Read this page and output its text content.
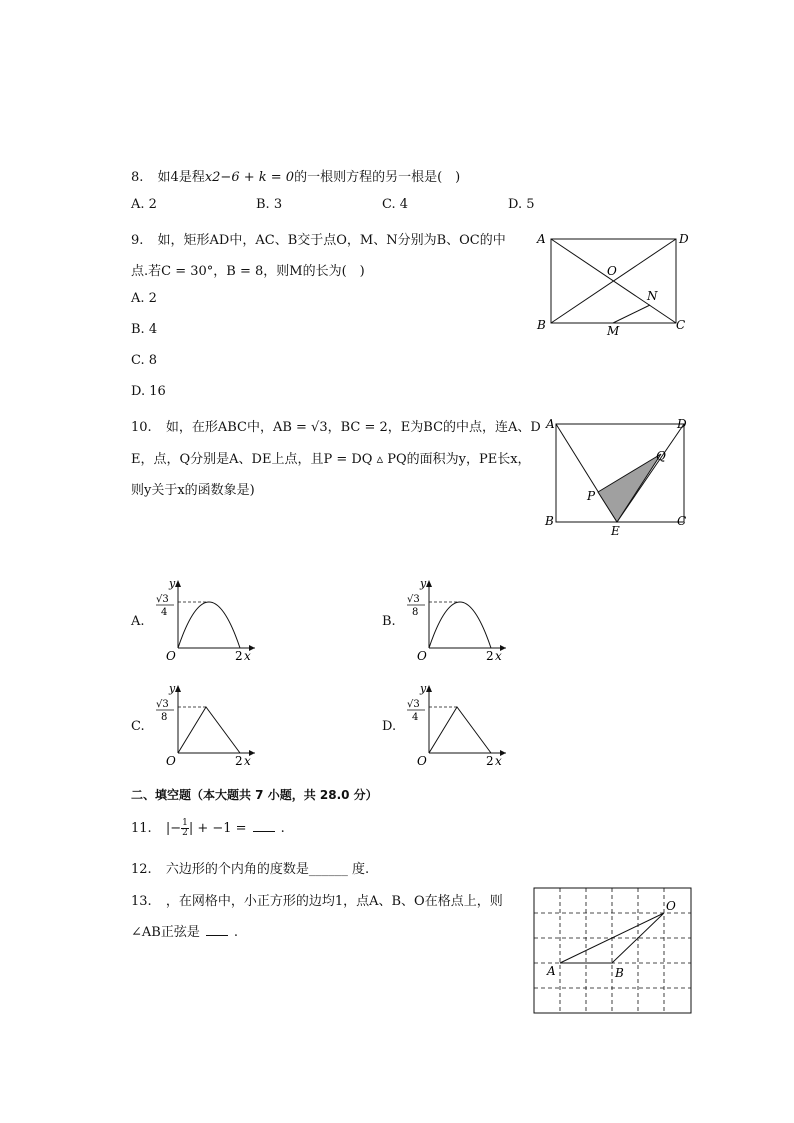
8. 如4是程x2−6 + k = 0的一根则方程的另一根是(　)
A. 2	B. 3	C. 4	D. 5
9. 如，矩形AD中，AC、B交于点O，M、N分别为B、OC的中
点.若C = 30°，B = 8，则M的长为(　)
A. 2
B. 4
C. 8
D. 16
A	D
O
N
B	M	C
10. 如，在形ABC中，AB = √3，BC = 2，E为BC的中点，连A、D
E，点，Q分别是A、DE上点，且P = DQ ▵ PQ的面积为y，PE长x，
则y关于x的函数象是)
A	D
Q
P
B
E
C
A.
√3
4
y
O	2 x
B.
√3
8
y
O	2 x
C.
√3
8
y
O	2 x
D.
√3
4
y
O	2 x
二、填空题（本大题共 7 小题，共 28.0 分）
11. |− $\frac{1}{2}$ | + −1 =	.
12. 六边形的个内角的度数是______ 度.
13. ，在网格中，小正方形的边均1，点A、B、O在格点上，则
∠AB正弦是	.
O
A	B
